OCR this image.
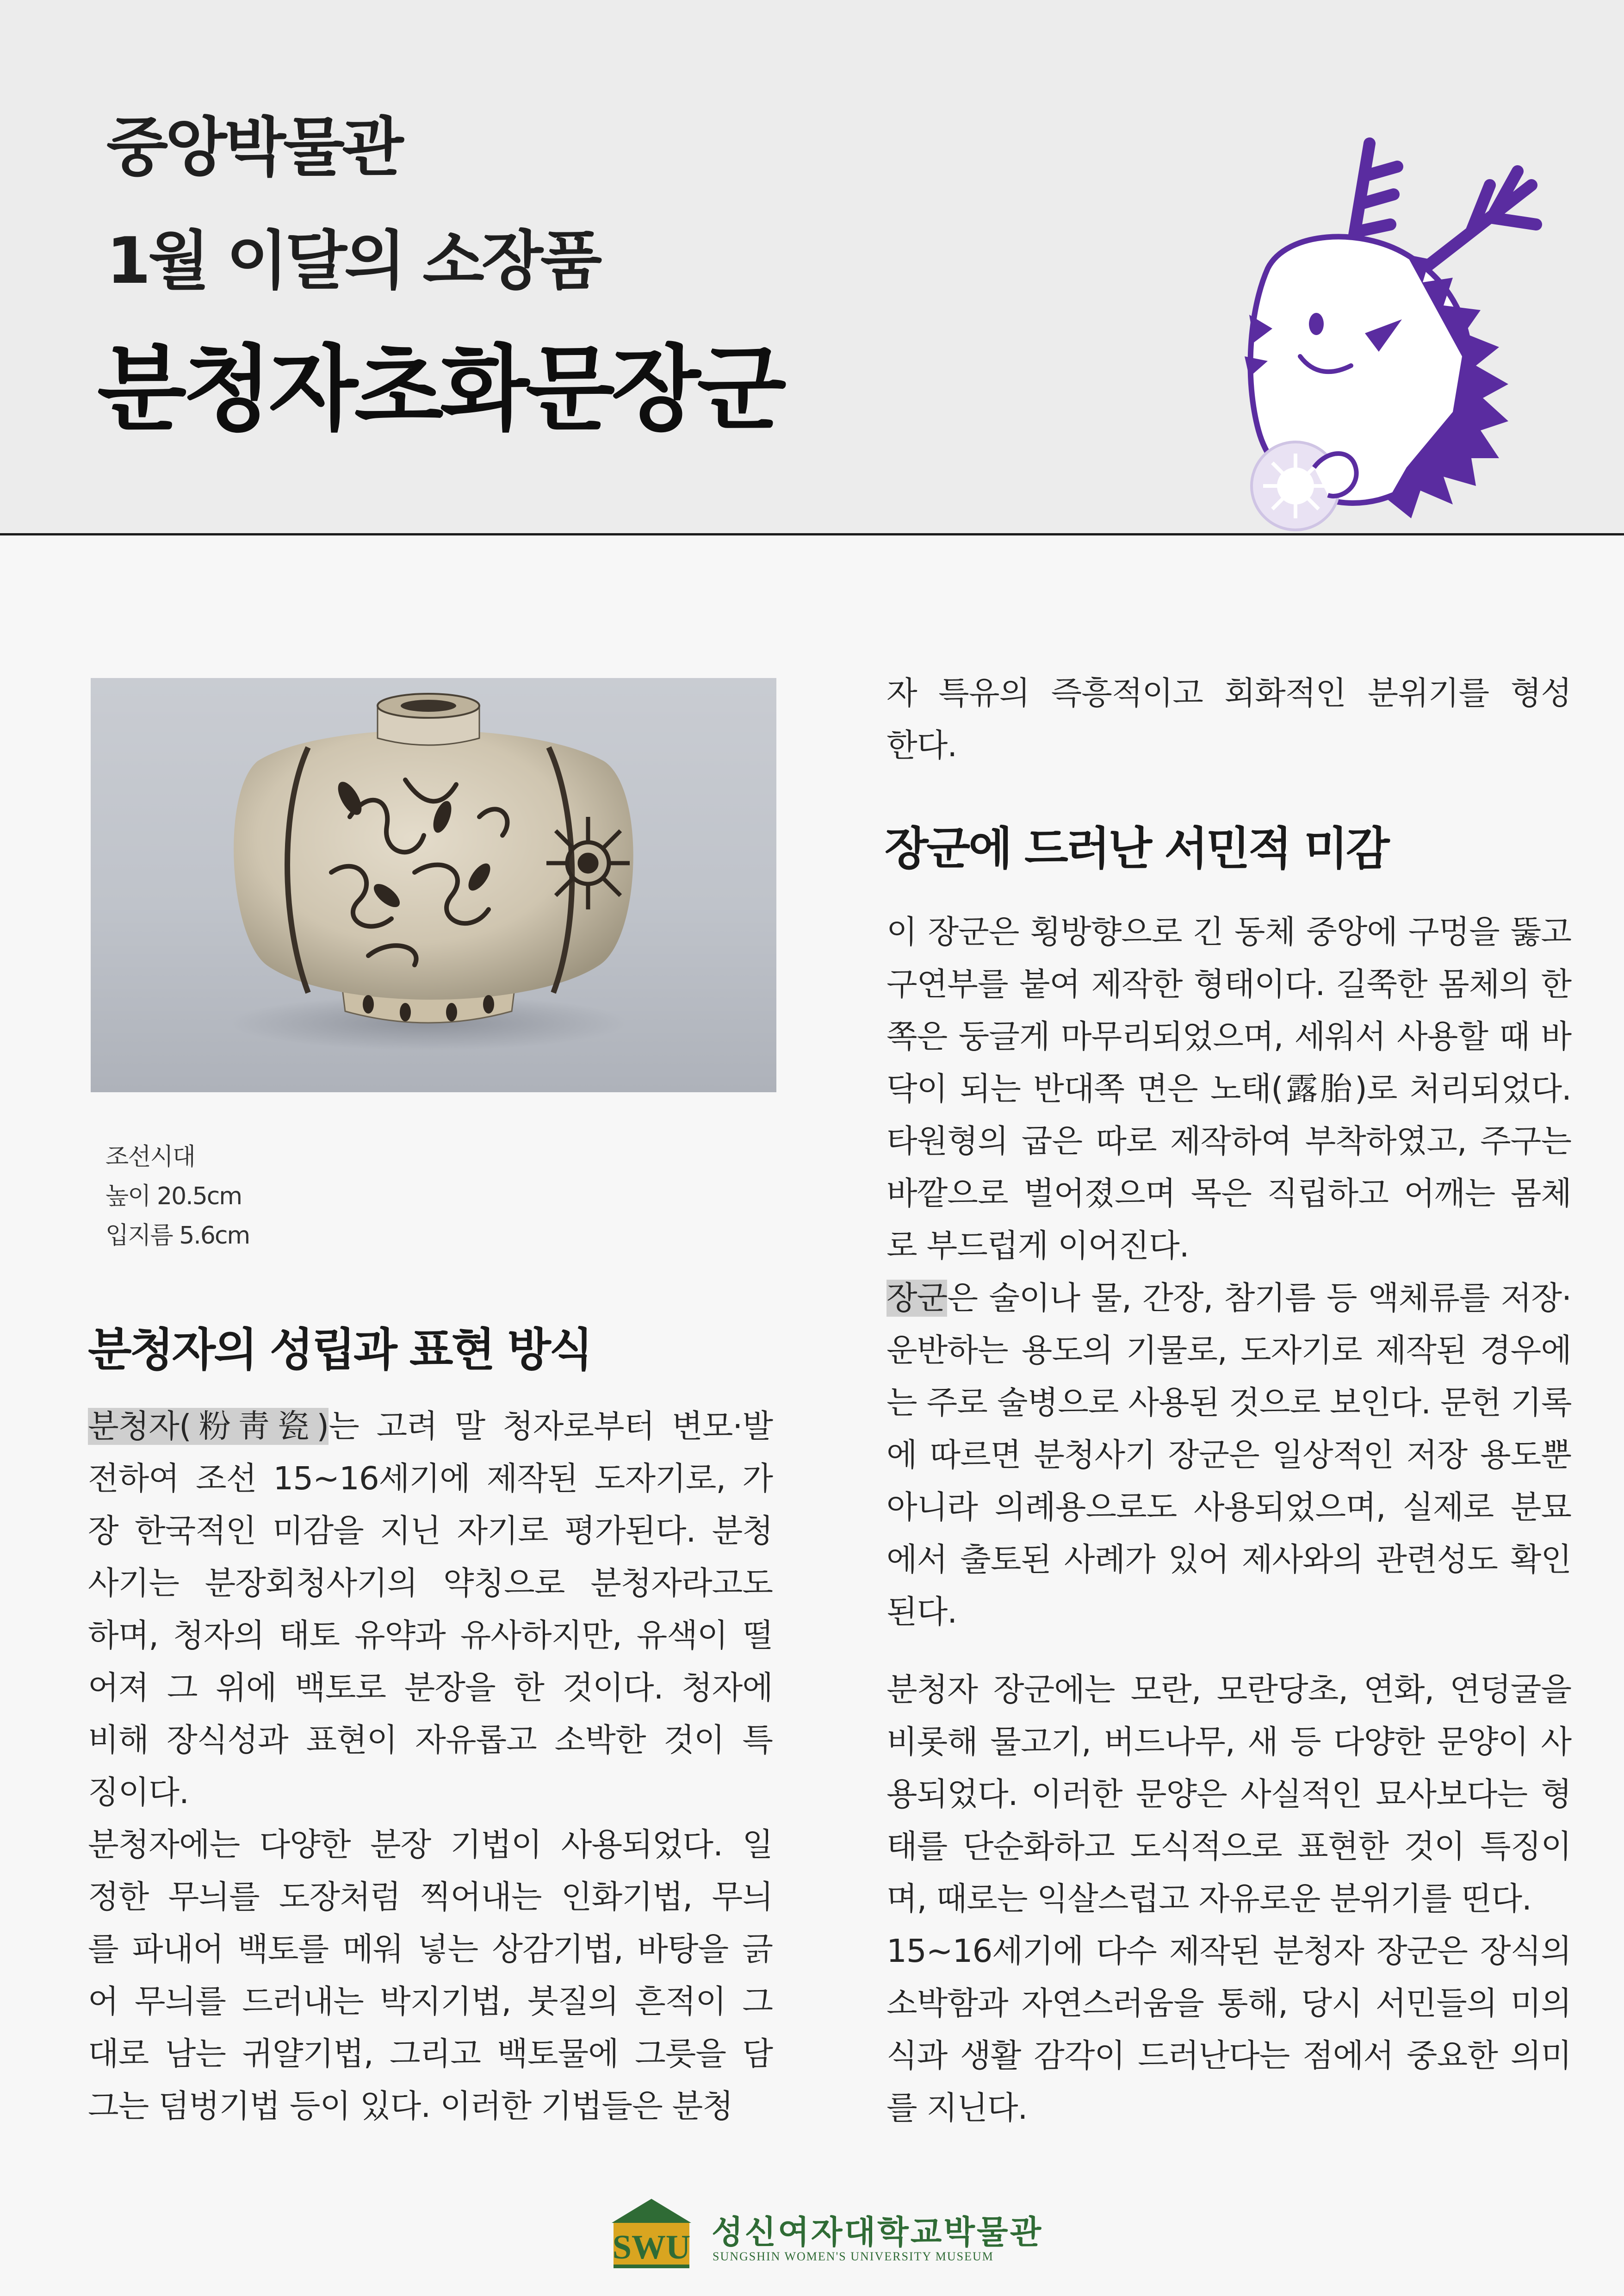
중앙박물관
1월 이달의 소장품
분청자초화문장군
조선시대
높이 20.5cm
입지름 5.6cm
분청자의 성립과 표현 방식
분청자(粉靑瓷)는 고려 말 청자로부터 변모·발
전하여 조선 15~16세기에 제작된 도자기로, 가
장 한국적인 미감을 지닌 자기로 평가된다. 분청
사기는 분장회청사기의 약칭으로 분청자라고도
하며, 청자의 태토 유약과 유사하지만, 유색이 떨
어져 그 위에 백토로 분장을 한 것이다. 청자에
비해 장식성과 표현이 자유롭고 소박한 것이 특
징이다.
분청자에는 다양한 분장 기법이 사용되었다. 일
정한 무늬를 도장처럼 찍어내는 인화기법, 무늬
를 파내어 백토를 메워 넣는 상감기법, 바탕을 긁
어 무늬를 드러내는 박지기법, 붓질의 흔적이 그
대로 남는 귀얄기법, 그리고 백토물에 그릇을 담
그는 덤벙기법 등이 있다. 이러한 기법들은 분청
자 특유의 즉흥적이고 회화적인 분위기를 형성
한다.
장군에 드러난 서민적 미감
이 장군은 횡방향으로 긴 동체 중앙에 구멍을 뚫고
구연부를 붙여 제작한 형태이다. 길쭉한 몸체의 한
쪽은 둥글게 마무리되었으며, 세워서 사용할 때 바
닥이 되는 반대쪽 면은 노태(露胎)로 처리되었다.
타원형의 굽은 따로 제작하여 부착하였고, 주구는
바깥으로 벌어졌으며 목은 직립하고 어깨는 몸체
로 부드럽게 이어진다.
장군은 술이나 물, 간장, 참기름 등 액체류를 저장·
운반하는 용도의 기물로, 도자기로 제작된 경우에
는 주로 술병으로 사용된 것으로 보인다. 문헌 기록
에 따르면 분청사기 장군은 일상적인 저장 용도뿐
아니라 의례용으로도 사용되었으며, 실제로 분묘
에서 출토된 사례가 있어 제사와의 관련성도 확인
된다.
분청자 장군에는 모란, 모란당초, 연화, 연덩굴을
비롯해 물고기, 버드나무, 새 등 다양한 문양이 사
용되었다. 이러한 문양은 사실적인 묘사보다는 형
태를 단순화하고 도식적으로 표현한 것이 특징이
며, 때로는 익살스럽고 자유로운 분위기를 띤다.
15~16세기에 다수 제작된 분청자 장군은 장식의
소박함과 자연스러움을 통해, 당시 서민들의 미의
식과 생활 감각이 드러난다는 점에서 중요한 의미
를 지닌다.
SWU 성신여자대학교박물관
SUNGSHIN WOMEN'S UNIVERSITY MUSEUM
